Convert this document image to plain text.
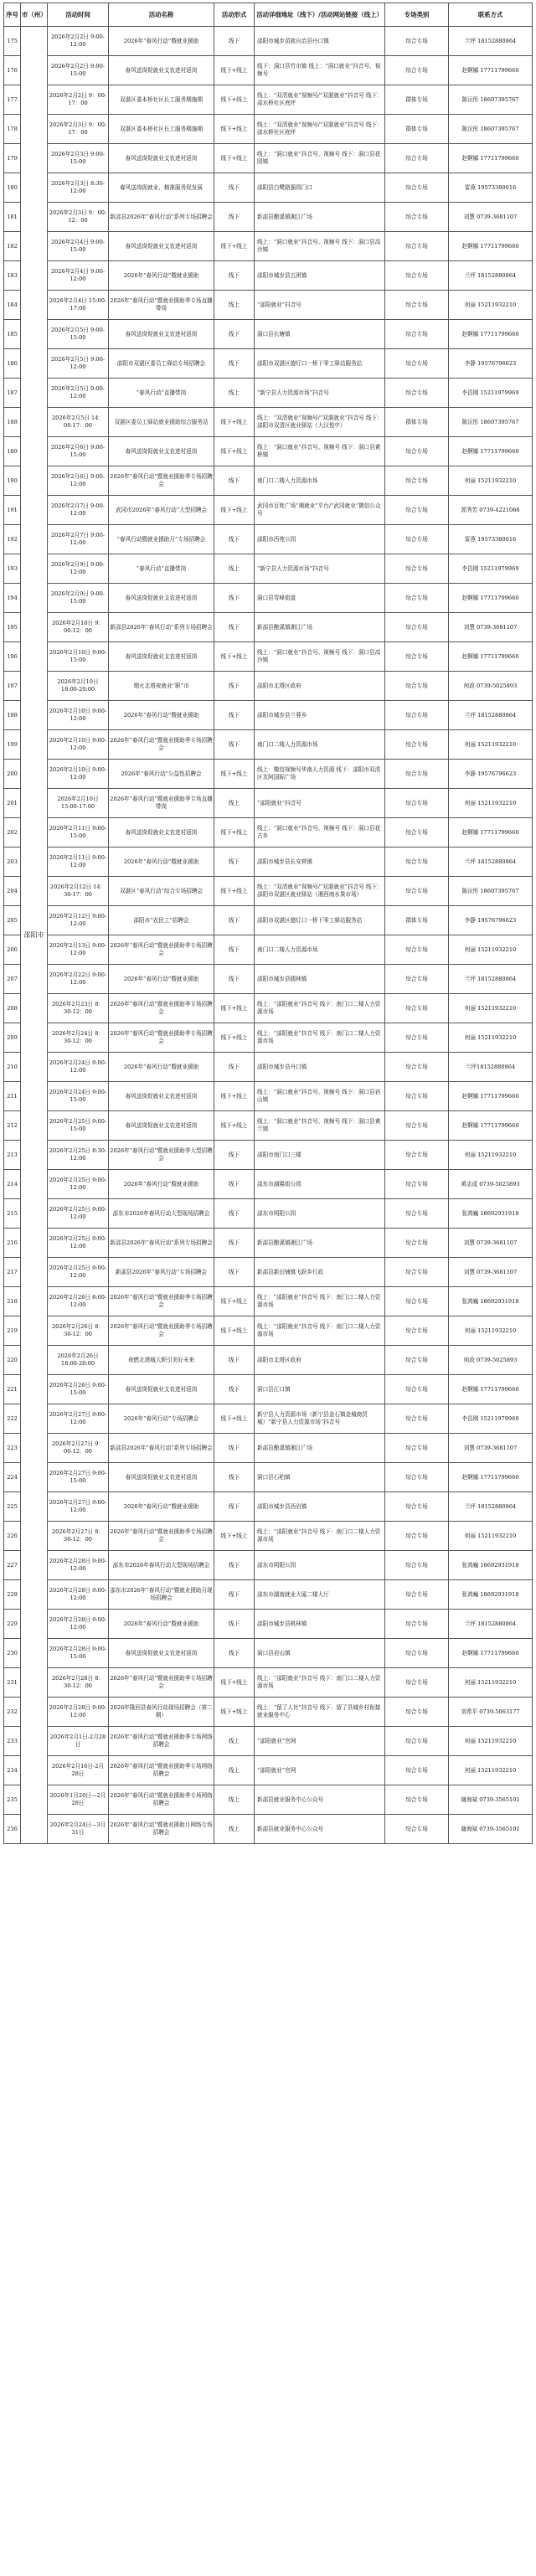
序号	市（州）	活动时间	活动名称	活动形式	活动详细地址（线下）/活动网站链接（线上）	专场类别	联系方式
175	邵阳市	2026年2月2日 9:00-12:00	2026年“春风行动”暨就业援助	线下	邵阳市城步苗族自治县丹口镇	综合专场	兰坪 18152880864
176		2026年2月2日 9:00-15:00	春风送岗促就业支农进村返岗	线下+线上	线下：洞口县竹市镇 线上：“洞口就业”抖音号、视频号	综合专场	赵婀娜 17711799660
177		2026年2月2日 9：00-17：00	双湛区委本桥社区长工服务期施期	线下+线上	线上：“双清就业”视频号/“双湛就业”抖音号 线下：邵水桥社区庭坪	群体专场	陈沅彤 18607395767
178		2026年2月3日 9：00-17：00	双湛区委本桥社区长工服务期施期	线下+线上	线上：“双清就业”视频号/“双湛就业”抖音号 线下：邵水桥社区庭坪	群体专场	陈沅彤 18607395767
179		2026年2月3日 9:00-15:00	春风送岗促就业支农进村返岗	线下+线上	线上：“洞口就业”抖音号、视频号 线下：洞口县花园镇	综合专场	赵婀娜 17711799660
180		2026年2月3日 8:30-12:00	春风送岗促就业、精准服务促发展	线下	邵阳县白鹭路强园门口	综合专场	雷燕 19573380616
181		2026年2月3日 9：00-12：00	新邵县2026年“春风行动”系列专场招聘会	线下	新邵县酿溪镇湘江广场	综合专场	刘慧 0739-3681107
182		2026年2月4日 9:00-15:00	春风送岗促就业支农进村返岗	线下+线上	线上：“洞口就业”抖音号、视频号 线下：洞口县高沙镇	综合专场	赵婀娜 17711799660
183		2026年2月4日 9:00-12:00	2026年“春风行动”暨就业援助	线下	邵阳市城步县五团镇	综合专场	兰坪 18152880864
184		2026年2月4日 15:00-17:00	2026年“春风行动”暨就业援助季专场直播带岗	线上	“邵阳就业”抖音号	综合专场	何丽 15211932210
185		2026年2月5日 9:00-15:00	春风送岗促就业支农进村返岗	线下	洞口县长塘镇	综合专场	赵婀娜 17711799660
186		2026年2月5日 9:00-12:00	邵阳市双湛区委员工驿站专场招聘会	线下	邵阳市双湛区德灯口一桥下零工驿站服务站	综合专场	李静 19576796623
187		2026年2月5日 9:00-12:00	“春风行动”直播带岗	线上	“新宁县人力资源市场”抖音号	综合专场	李昌刚 15211979969
188		2026年2月5日 14：00-17：00	双湛区委员工驿站就业援助综合服务站	线下+线上	线上：“双清就业”视频号/“双湛就业”抖音号 线下：邵阳市双清区就业驿站（大汉悦中）	群体专场	陈沅彤 18607395767
189		2026年2月6日 9:00-15:00	春风送岗促就业支农进村返岗	线下+线上	线上：“洞口就业”抖音号、视频号 线下：洞口县黄桥镇	综合专场	赵婀娜 17711799660
190		2026年2月6日 9:00-12:00	2026年“春风行动”暨就业援助季专场招聘会	线下	南门口二楼人力资源市场	综合专场	何丽 15211932210
191		2026年2月7日 9:00-12:00	武冈市2026年“春风行动”大型招聘会	线下+线上	武冈市百姓广场“湘就业”平台/“武冈就业”微信公众号	综合专场	郭秀芳 0739-4221066
192		2026年2月7日 9:00-12:00	“春风行动暨就业援助月”专场招聘会	线下	邵阳市西苑公园	综合专场	雷燕 19573380616
193		2026年2月9日 9:00-12:00	“春风行动”直播带岗	线上	“新宁县人力资源市场”抖音号	综合专场	李昌刚 15211979969
194		2026年2月9日 9:00-15:00	春风送岗促就业支农进村返岗	线下	洞口县雪峰街道	综合专场	赵婀娜 17711799660
195		2026年2月10日 9：00-12：00	新邵县2026年“春风行动”系列专场招聘会	线下	新邵县酿溪镇湘江广场	综合专场	刘慧 0739-3681107
196		2026年2月10日 9:00-15:00	春风送岗促就业支农进村返岗	线下+线上	线上：“洞口就业”抖音号、视频号 线下：洞口县高沙镇	综合专场	赵婀娜 17711799660
197		2026年2月10日 18:00-20:00	烟火北塔夜就业“职”市	线下	邵阳市北塔区政府	综合专场	何政 0739-5025893
198		2026年2月10日 9:00-12:00	2026年“春风行动”暨就业援助	线下	邵阳市城步县兰蓉乡	综合专场	兰坪 18152880864
199		2026年2月10日 9:00-12:00	2026年“春风行动”暨就业援助季专场招聘会	线下	南门口二楼人力资源市场	综合专场	何丽 15211932210
200		2026年2月10日 9:00-12:00	2026年“春风行动”公益性招聘会	线下+线上	线上：微信视频号华南人力资源 线下：邵阳市双清区友阿国际广场	综合专场	李静 19576796623
201		2026年2月10日 15:00-17:00	2026年“春风行动”暨就业援助季专场直播带岗	线上	“邵阳就业”抖音号	综合专场	何丽 15211932210
202		2026年2月11日 9:00-15:00	春风送岗促就业支农进村返岗	线下+线上	线上：“洞口就业”抖音号、视频号 线下：洞口县花古乡	综合专场	赵婀娜 17711799660
203		2026年2月11日 9:00-12:00	2026年“春风行动”暨就业援助	线下	邵阳市城步县长安营镇	综合专场	兰坪 18152880864
204		2026年2月12日 14：30-17：00	双湛区“春风行动”综合专场招聘会	线下+线上	线上：“双清就业”视频号/“双湛就业”抖音号 线下：邵阳市双湛区就业驿站（湘西南水果市场）	综合专场	陈沅彤 18607395767
205		2026年2月12日 9:00-12:00	邵阳市“农民工”招聘会	线下	邵阳市双湛区德灯口一桥下零工驿站服务站	群体专场	李静 19576796623
206		2026年2月13日 9:00-12:00	2026年“春风行动”暨就业援助季专场招聘会	线下	南门口二楼人力资源市场	综合专场	何丽 15211932210
207		2026年2月22日 9:00-12:00	2026年“春风行动”暨就业援助	线下	邵阳市城步县儒林镇	综合专场	兰坪 18152880864
208		2026年2月23日 8：30-12：00	2026年“春风行动”暨就业援助季专场招聘会	线下+线上	线上：“邵阳就业”抖音号 线下：南门口二楼人力资源市场	综合专场	何丽 15211932210
209		2026年2月24日 8：30-12：00	2026年“春风行动”暨就业援助季专场招聘会	线下+线上	线上：“邵阳就业”抖音号 线下：南门口二楼人力资源市场	综合专场	何丽 15211932210
210		2026年2月24日 9:00-12:00	2026年“春风行动”暨就业援助	线下	邵阳市城步县丹口镇	综合专场	兰坪18152880864
211		2026年2月24日 9:00-15:00	春风送岗促就业支农进村返岗	线下+线上	线上：“洞口就业”抖音号、视频号 线下：洞口县岩山镇	综合专场	赵婀娜 17711799660
212		2026年2月25日 9:00-15:00	春风送岗促就业支农进村返岗	线下+线上	线上：“洞口就业”抖音号、视频号 线下：洞口县黄兰镇	综合专场	赵婀娜 17711799660
213		2026年2月25日 8:30-12:00	2026年“春风行动”暨就业援助季大型招聘会	线下	邵阳市南门口三楼	综合专场	何丽 15211932210
214		2026年2月25日 9:00-12:00	2026年“春风行动”暨就业援助	线下	邵东市湖陽街公园	综合专场	黄志成 0739-5025893
215		2026年2月25日 9:00-12:00	邵东市2026年春风行动大型现场招聘会	线下	邵东市明阳公园	综合专场	张鸿巍 18692931918
216		2026年2月25日 9:00-12:00	新邵县2026年“春风行动”系列专场招聘会	线下	新邵县酿溪镇湘江广场	综合专场	刘慧 0739-3681107
217		2026年2月25日 9:00-12:00	新邵县2026年“春风行动”专场招聘会	线下	新邵县新田铺镇飞跃乡行政	综合专场	刘慧 0739-3681107
218		2026年2月26日 8:00-12:00	2026年“春风行动”暨就业援助季专场招聘会	线下+线上	线上：“邵阳就业”抖音号 线下：南门口二楼人力资源市场	综合专场	张鸿巍 18692931918
219		2026年2月26日 8：30-12：00	2026年“春风行动”暨就业援助季专场招聘会	线下+线上	线上：“邵阳就业”抖音号 线下：南门口二楼人力资源市场	综合专场	何丽 15211932210
220		2026年2月26日 18:00-20:00	夜燃北塔城大职引美好未来	线下	邵阳市北塔区政府	综合专场	何政 0739-5025893
221		2026年2月26日 9:00-15:00	春风送岗促就业支农进村返岗	线下	洞口县江口镇	综合专场	赵婀娜 17711799660
222		2026年2月27日 9:00-12:00	2026年“春风行动”专场招聘会	线下+线上	新宁县人力资源市场（新宁县金石镇金城商贸城）“新宁县人力资源市场”抖音号	综合专场	李昌刚 15211979969
223		2026年2月27日 9：00-12：00	新邵县2026年“春风行动”系列专场招聘会	线下	新邵县酿溪镇湘江广场	综合专场	刘慧 0739-3681107
224		2026年2月27日 9:00-15:00	春风送岗促就业支农进村返岗	线下	洞口县石柏镇	综合专场	赵婀娜 17711799660
225		2026年2月27日 9:00-12:00	2026年“春风行动”暨就业援助	线下	邵阳市城步县西岩镇	综合专场	兰坪 18152880864
226		2026年2月27日 8：30-12：00	2026年“春风行动”暨就业援助季专场招聘会	线下+线上	线上：“邵阳就业”抖音号 线下：南门口二楼人力资源市场	综合专场	何丽 15211932210
227		2026年2月28日 9:00-12:00	邵东市2026年春风行动大型现场招聘会	线下	邵东市明阳公园	综合专场	张鸿巍 18692931918
228		2026年2月28日 9:00-12:00	邵东市2026年“春风行动”暨就业援助月现场招聘会	线下	邵东市湖南就业大厦二楼大厅	综合专场	张鸿巍 18692931918
229		2026年2月28日 9:00-12:00	2026年“春风行动”暨就业援助	线下	邵阳市城步县桃林镇	综合专场	兰坪 18152880864
230		2026年2月28日 9:00-15:00	春风送岗促就业支农进村返岗	线下	洞口县岩山镇	综合专场	赵婀娜 17711799660
231		2026年2月28日 8：30-12：00	2026年“春风行动”暨就业援助季专场招聘会	线下+线上	线上：“邵阳就业”抖音号 线下：南门口二楼人力资源市场	综合专场	何丽 15211932210
232		2026年2月28日 9:00-12:00	2026年隆回县春风行动现场招聘会（第二期）	线下+线上	线上：“留了人社”抖音号 线下：留了县城乡村衔接就业服务中心	综合专场	刘希平 0739-5063177
233		2026年2月1日-2月28日	2026年“春风行动”暨就业援助季专场网络招聘会	线上	“邵阳就业”官网	综合专场	何丽 15211932210
234		2026年2月16日-2月28日	2026年“春风行动”暨就业援助季专场网络招聘会	线上	“邵阳就业”官网	综合专场	何丽 15211932210
235		2026年1月20日—2月28日	2026年“春风行动”暨就业援助季专场网络招聘会	线上	新邵县就业服务中心公众号	综合专场	谢海斌 0739-3565101
236		2026年2月24日—3月31日	2026年“春风行动”暨就业援助月网络专场招聘会	线上	新邵县就业服务中心公众号	综合专场	谢海斌 0739-3565101
